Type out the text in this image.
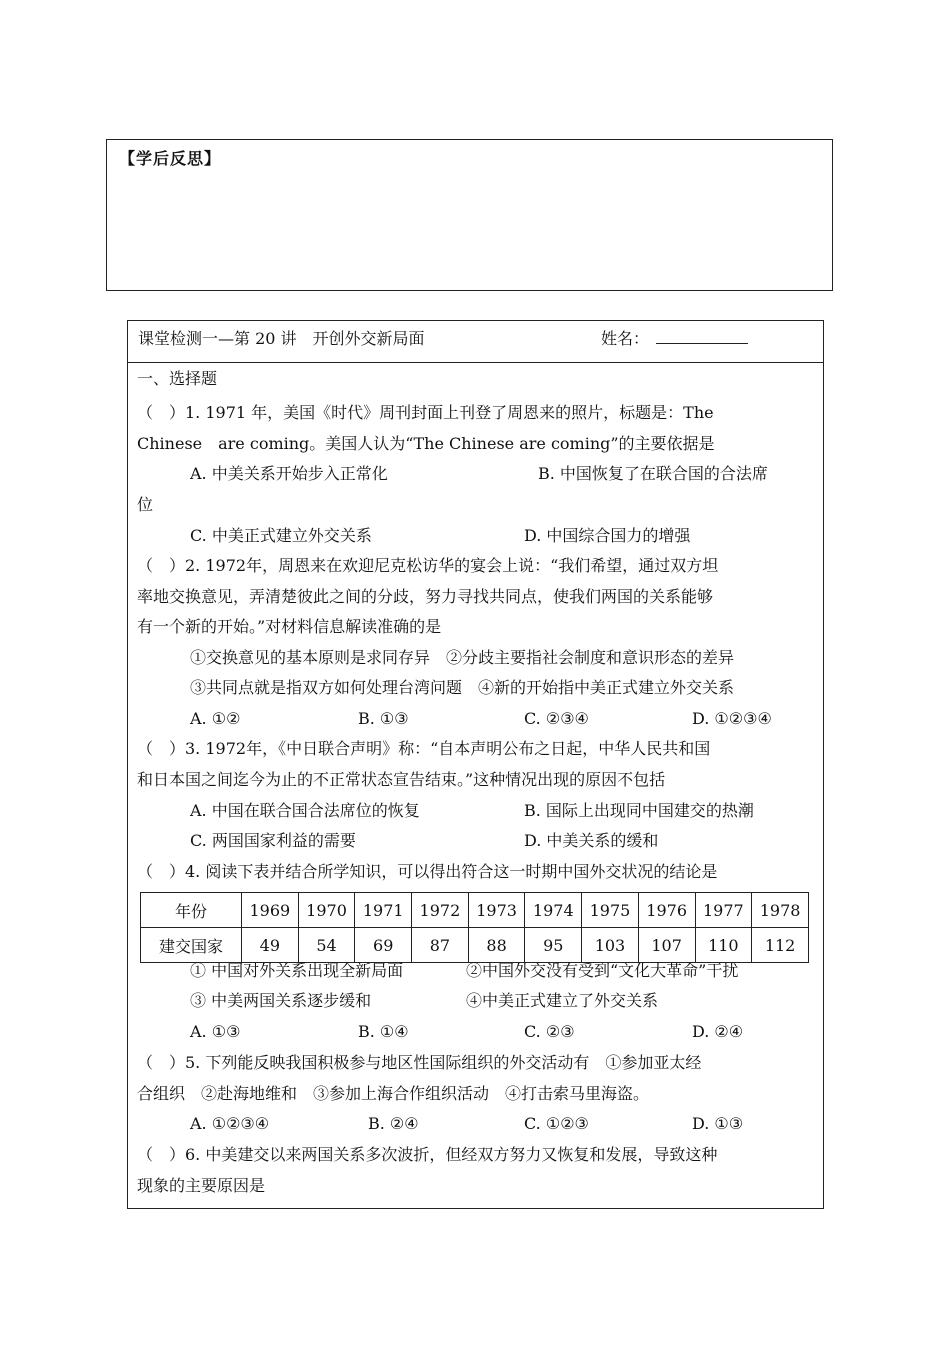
【学后反思】
课堂检测一—第 20 讲　开创外交新局面	姓名：
一、选择题
（　）1. 1971 年，美国《时代》周刊封面上刊登了周恩来的照片，标题是：The
Chinese　are coming。美国人认为“The Chinese are coming”的主要依据是
A. 中美关系开始步入正常化	B. 中国恢复了在联合国的合法席
位
C. 中美正式建立外交关系	D. 中国综合国力的增强
（　）2. 1972年，周恩来在欢迎尼克松访华的宴会上说：“我们希望，通过双方坦
率地交换意见，弄清楚彼此之间的分歧，努力寻找共同点，使我们两国的关系能够
有一个新的开始。”对材料信息解读准确的是
①交换意见的基本原则是求同存异　②分歧主要指社会制度和意识形态的差异
③共同点就是指双方如何处理台湾问题　④新的开始指中美正式建立外交关系
A. ①②	B. ①③	C. ②③④	D. ①②③④
（　）3. 1972年，《中日联合声明》称：“自本声明公布之日起，中华人民共和国
和日本国之间迄今为止的不正常状态宣告结束。”这种情况出现的原因不包括
A. 中国在联合国合法席位的恢复	B. 国际上出现同中国建交的热潮
C. 两国国家利益的需要	D. 中美关系的缓和
（　）4. 阅读下表并结合所学知识，可以得出符合这一时期中国外交状况的结论是
年份	1969	1970	1971	1972	1973	1974	1975	1976	1977	1978
建交国家	49	54	69	87	88	95	103	107	110	112
① 中国对外关系出现全新局面	②中国外交没有受到“文化大革命”干扰
③ 中美两国关系逐步缓和	④中美正式建立了外交关系
A. ①③	B. ①④	C. ②③	D. ②④
（　）5. 下列能反映我国积极参与地区性国际组织的外交活动有　①参加亚太经
合组织　②赴海地维和　③参加上海合作组织活动　④打击索马里海盗。
A. ①②③④	B. ②④	C. ①②③	D. ①③
（　）6. 中美建交以来两国关系多次波折，但经双方努力又恢复和发展，导致这种
现象的主要原因是
